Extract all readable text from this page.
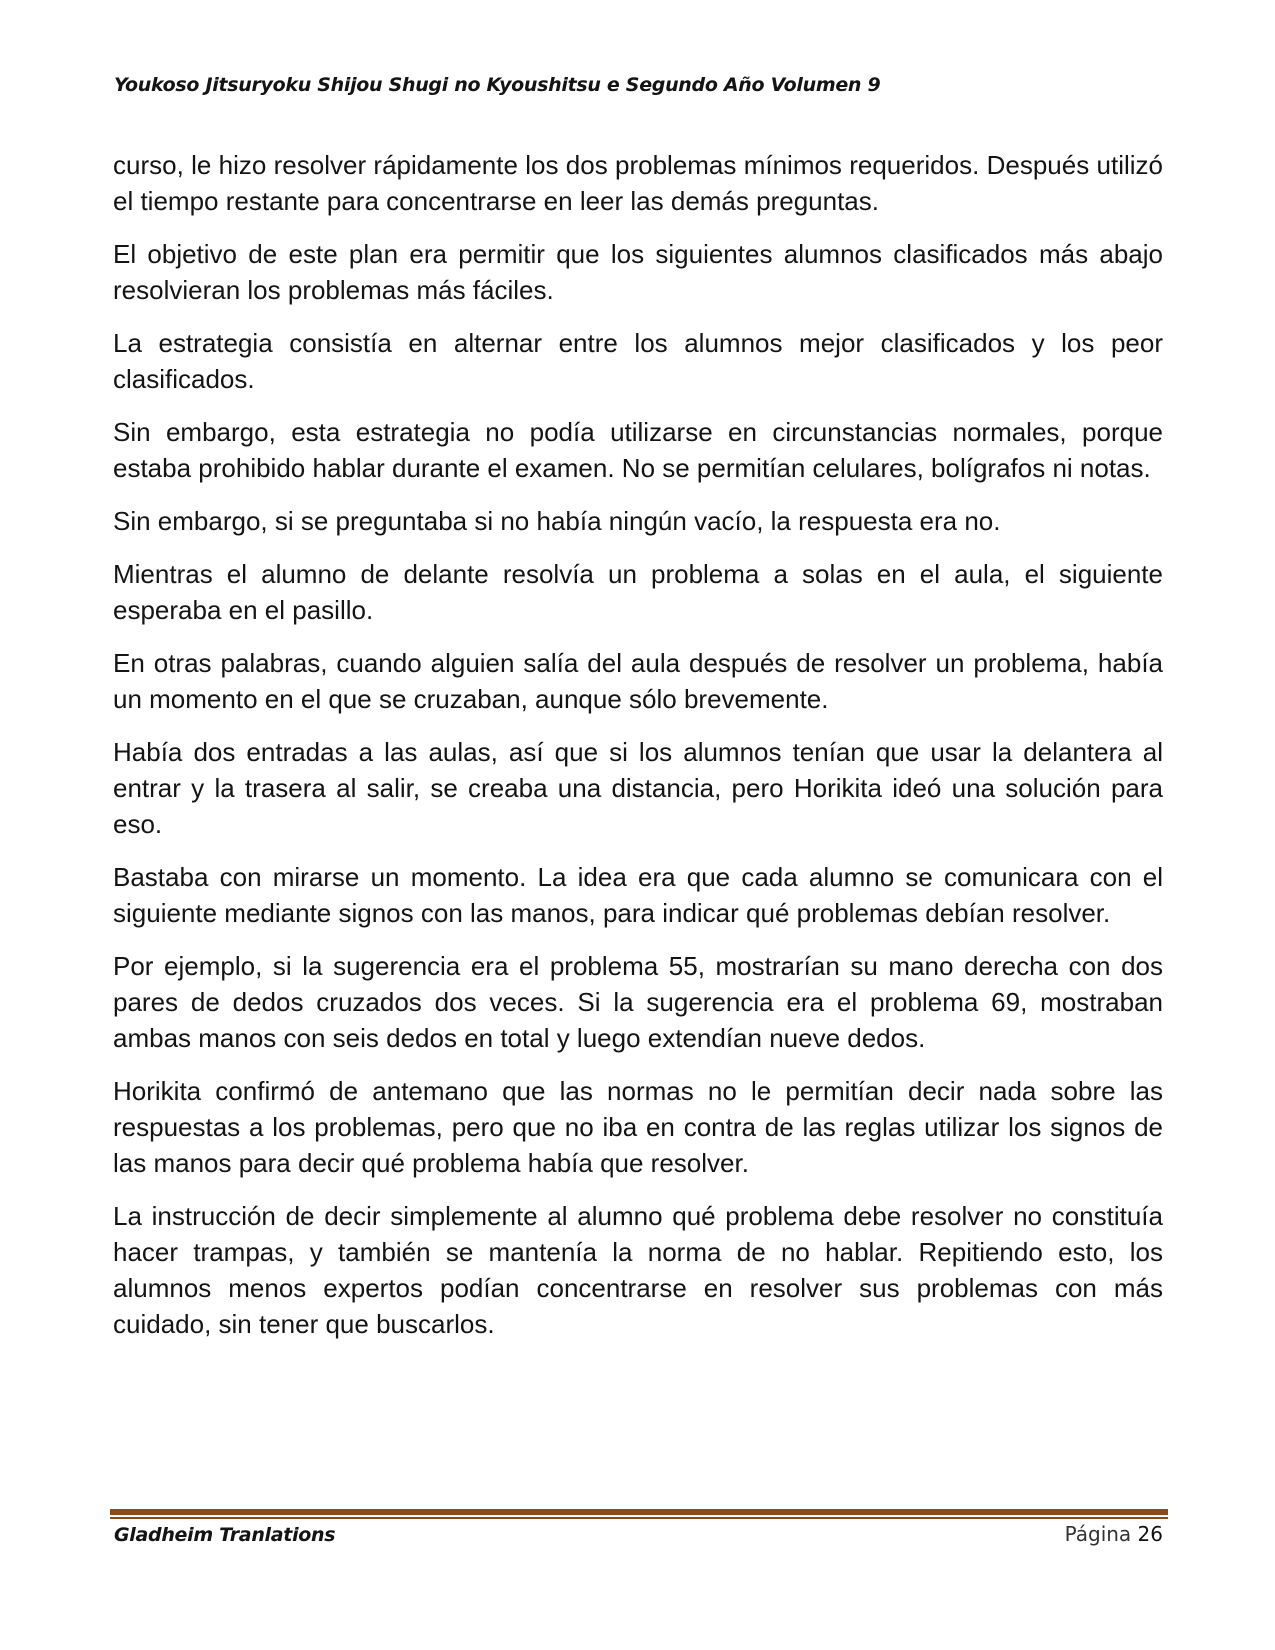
Youkoso Jitsuryoku Shijou Shugi no Kyoushitsu e Segundo Año Volumen 9

curso, le hizo resolver rápidamente los dos problemas mínimos requeridos. Después utilizó el tiempo restante para concentrarse en leer las demás preguntas.

El objetivo de este plan era permitir que los siguientes alumnos clasificados más abajo resolvieran los problemas más fáciles.

La estrategia consistía en alternar entre los alumnos mejor clasificados y los peor clasificados.

Sin embargo, esta estrategia no podía utilizarse en circunstancias normales, porque estaba prohibido hablar durante el examen. No se permitían celulares, bolígrafos ni notas.

Sin embargo, si se preguntaba si no había ningún vacío, la respuesta era no.

Mientras el alumno de delante resolvía un problema a solas en el aula, el siguiente esperaba en el pasillo.

En otras palabras, cuando alguien salía del aula después de resolver un problema, había un momento en el que se cruzaban, aunque sólo brevemente.

Había dos entradas a las aulas, así que si los alumnos tenían que usar la delantera al entrar y la trasera al salir, se creaba una distancia, pero Horikita ideó una solución para eso.

Bastaba con mirarse un momento. La idea era que cada alumno se comunicara con el siguiente mediante signos con las manos, para indicar qué problemas debían resolver.

Por ejemplo, si la sugerencia era el problema 55, mostrarían su mano derecha con dos pares de dedos cruzados dos veces. Si la sugerencia era el problema 69, mostraban ambas manos con seis dedos en total y luego extendían nueve dedos.

Horikita confirmó de antemano que las normas no le permitían decir nada sobre las respuestas a los problemas, pero que no iba en contra de las reglas utilizar los signos de las manos para decir qué problema había que resolver.

La instrucción de decir simplemente al alumno qué problema debe resolver no constituía hacer trampas, y también se mantenía la norma de no hablar. Repitiendo esto, los alumnos menos expertos podían concentrarse en resolver sus problemas con más cuidado, sin tener que buscarlos.

Gladheim Tranlations	Página 26
